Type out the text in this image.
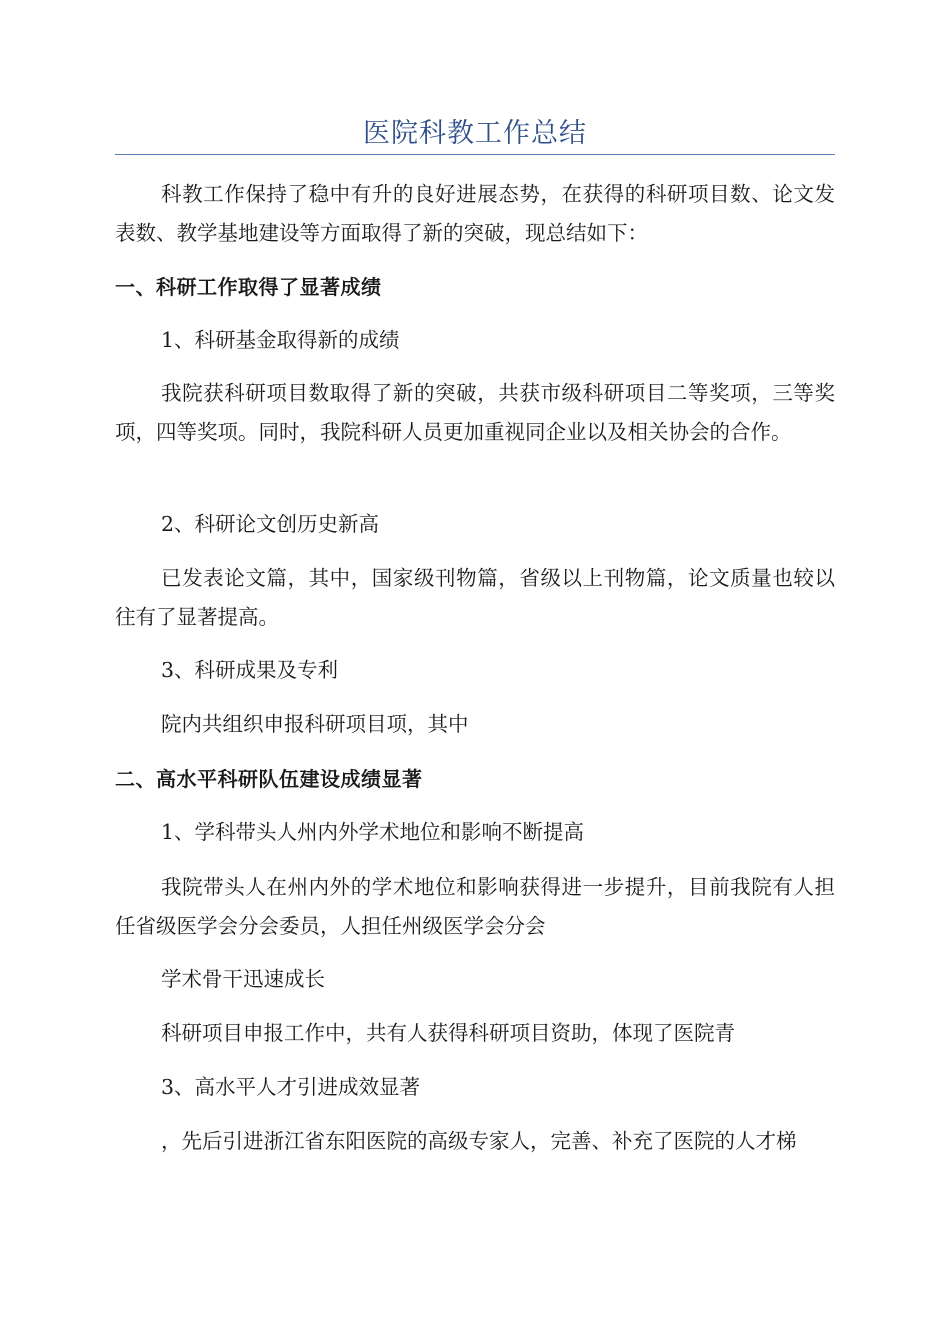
医院科教工作总结
科教工作保持了稳中有升的良好进展态势，在获得的科研项目数、论文发表数、教学基地建设等方面取得了新的突破，现总结如下：
一、科研工作取得了显著成绩
1、科研基金取得新的成绩
我院获科研项目数取得了新的突破，共获市级科研项目二等奖项，三等奖项，四等奖项。同时，我院科研人员更加重视同企业以及相关协会的合作。
2、科研论文创历史新高
已发表论文篇，其中，国家级刊物篇，省级以上刊物篇，论文质量也较以往有了显著提高。
3、科研成果及专利
院内共组织申报科研项目项，其中
二、高水平科研队伍建设成绩显著
1、学科带头人州内外学术地位和影响不断提高
我院带头人在州内外的学术地位和影响获得进一步提升，目前我院有人担任省级医学会分会委员，人担任州级医学会分会
学术骨干迅速成长
科研项目申报工作中，共有人获得科研项目资助，体现了医院青
3、高水平人才引进成效显著
，先后引进浙江省东阳医院的高级专家人，完善、补充了医院的人才梯
